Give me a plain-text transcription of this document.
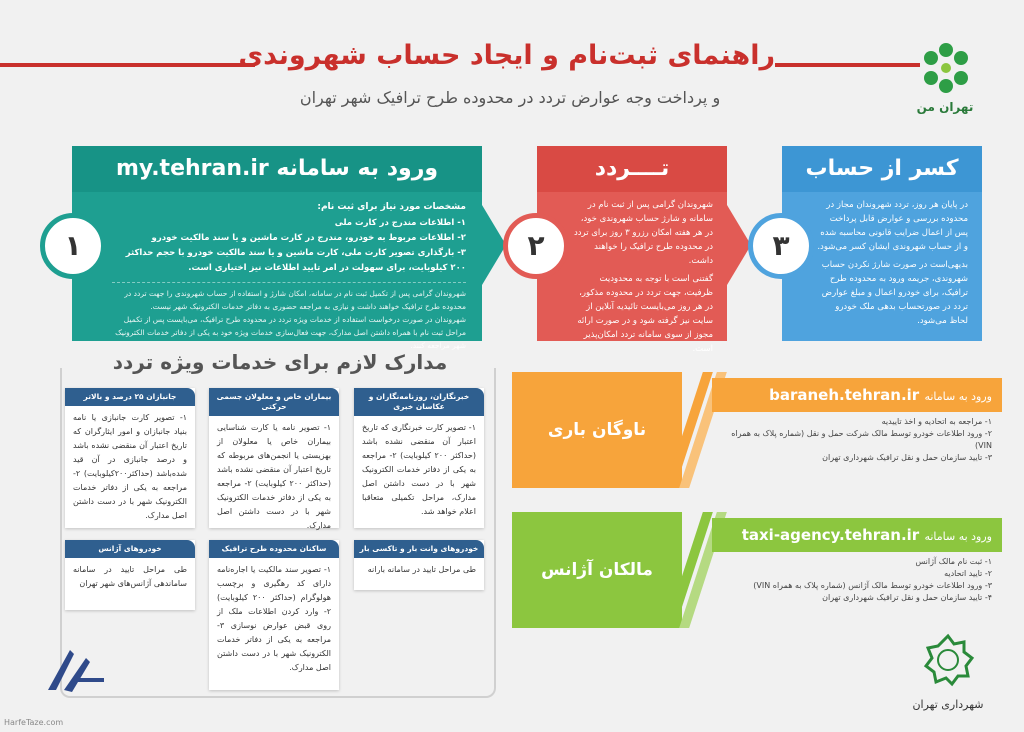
راهنمای ثبت‌نام و ایجاد حساب شهروندی
و پرداخت وجه عوارض تردد در محدوده طرح ترافیک شهر تهران	تهران من
ورود به سامانه my.tehran.ir
مشخصات مورد نیاز برای ثبت نام:
۱- اطلاعات مندرج در کارت ملی
۲- اطلاعات مربوط به خودرو، مندرج در کارت ماشین و یا سند مالکیت خودرو
۳- بارگذاری تصویر کارت ملی، کارت ماشین و یا سند مالکیت خودرو با حجم حداکثر
۲۰۰ کیلوبایت، برای سهولت در امر تایید اطلاعات نیز اختیاری است.
شهروندان گرامی پس از تکمیل ثبت نام در سامانه، امکان شارژ و استفاده از حساب شهروندی را جهت تردد در محدوده طرح ترافیک خواهند داشت و نیازی به مراجعه حضوری به دفاتر خدمات الکترونیک شهر نیست.
شهروندان در صورت درخواست استفاده از خدمات ویژه تردد در محدوده طرح ترافیک، می‌بایست پس از تکمیل مراحل ثبت نام با همراه داشتن اصل مدارک، جهت فعال‌سازی خدمات ویژه خود به یکی از دفاتر خدمات الکترونیک شهر مراجعه کنند.
۱
تــــردد
شهروندان گرامی پس از ثبت نام در سامانه و شارژ حساب شهروندی خود، در هر هفته امکان رزرو ۳ روز برای تردد در محدوده طرح ترافیک را خواهند داشت.
گفتنی است با توجه به محدودیت ظرفیت، جهت تردد در محدوده مذکور، در هر روز می‌بایست تائیدیه آنلاین از سایت نیز گرفته شود و در صورت ارائه مجوز از سوی سامانه تردد امکان‌پذیر است.
۲
کسر از حساب
در پایان هر روز، تردد شهروندان مجاز در محدوده بررسی و عوارض قابل پرداخت پس از اعمال ضرایب قانونی محاسبه شده و از حساب شهروندی ایشان کسر می‌شود.
بدیهی‌است در صورت شارژ نکردن حساب شهروندی، جریمه ورود به محدوده طرح ترافیک، برای خودرو اعمال و مبلغ عوارض تردد در صورتحساب بدهی ملک خودرو لحاظ می‌شود.
۳
مدارک لازم برای خدمات ویژه تردد
خبرنگاران، روزنامه‌نگاران و عکاسان خبری
۱- تصویر کارت خبرنگاری که تاریخ اعتبار آن منقضی نشده باشد (حداکثر ۲۰۰ کیلوبایت) ۲- مراجعه به یکی از دفاتر خدمات الکترونیک شهر با در دست داشتن اصل مدارک، مراحل تکمیلی متعاقبا اعلام خواهد شد.
بیماران خاص و معلولان جسمی حرکتی
۱- تصویر نامه یا کارت شناسایی بیماران خاص یا معلولان از بهزیستی یا انجمن‌های مربوطه که تاریخ اعتبار آن منقضی نشده باشد (حداکثر ۲۰۰ کیلوبایت) ۲- مراجعه به یکی از دفاتر خدمات الکترونیک شهر با در دست داشتن اصل مدارک.
جانبازان ۲۵ درصد و بالاتر
۱- تصویر کارت جانبازی یا نامه بنیاد جانبازان و امور ایثارگران که تاریخ اعتبار آن منقضی نشده باشد و درصد جانبازی در آن قید شده‌باشد (حداکثر۲۰۰کیلوبایت) ۲- مراجعه به یکی از دفاتر خدمات الکترونیک شهر با در دست داشتن اصل مدارک.
خودروهای وانت بار و تاکسی بار
طی مراحل تایید در سامانه بارانه
ساکنان محدوده طرح ترافیک
۱- تصویر سند مالکیت یا اجاره‌نامه دارای کد رهگیری و برچسب هولوگرام (حداکثر ۲۰۰ کیلوبایت) ۲- وارد کردن اطلاعات ملک از روی قبض عوارض نوسازی ۳- مراجعه به یکی از دفاتر خدمات الکترونیک شهر با در دست داشتن اصل مدارک.
خودروهای آژانس
طی مراحل تایید در سامانه ساماندهی آژانس‌های شهر تهران
ناوگان باری
ورود به سامانه baraneh.tehran.ir
۱- مراجعه به اتحادیه و اخذ تاییدیه
۲- ورود اطلاعات خودرو توسط مالک شرکت حمل و نقل (شماره پلاک به همراه VIN)
۳- تایید سازمان حمل و نقل ترافیک شهرداری تهران
مالکان آژانس
ورود به سامانه taxi-agency.tehran.ir
۱- ثبت نام مالک آژانس
۲- تایید اتحادیه
۳- ورود اطلاعات خودرو توسط مالک آژانس (شماره پلاک به همراه VIN)
۴- تایید سازمان حمل و نقل ترافیک شهرداری تهران
شهرداری تهران
HarfeTaze.com
